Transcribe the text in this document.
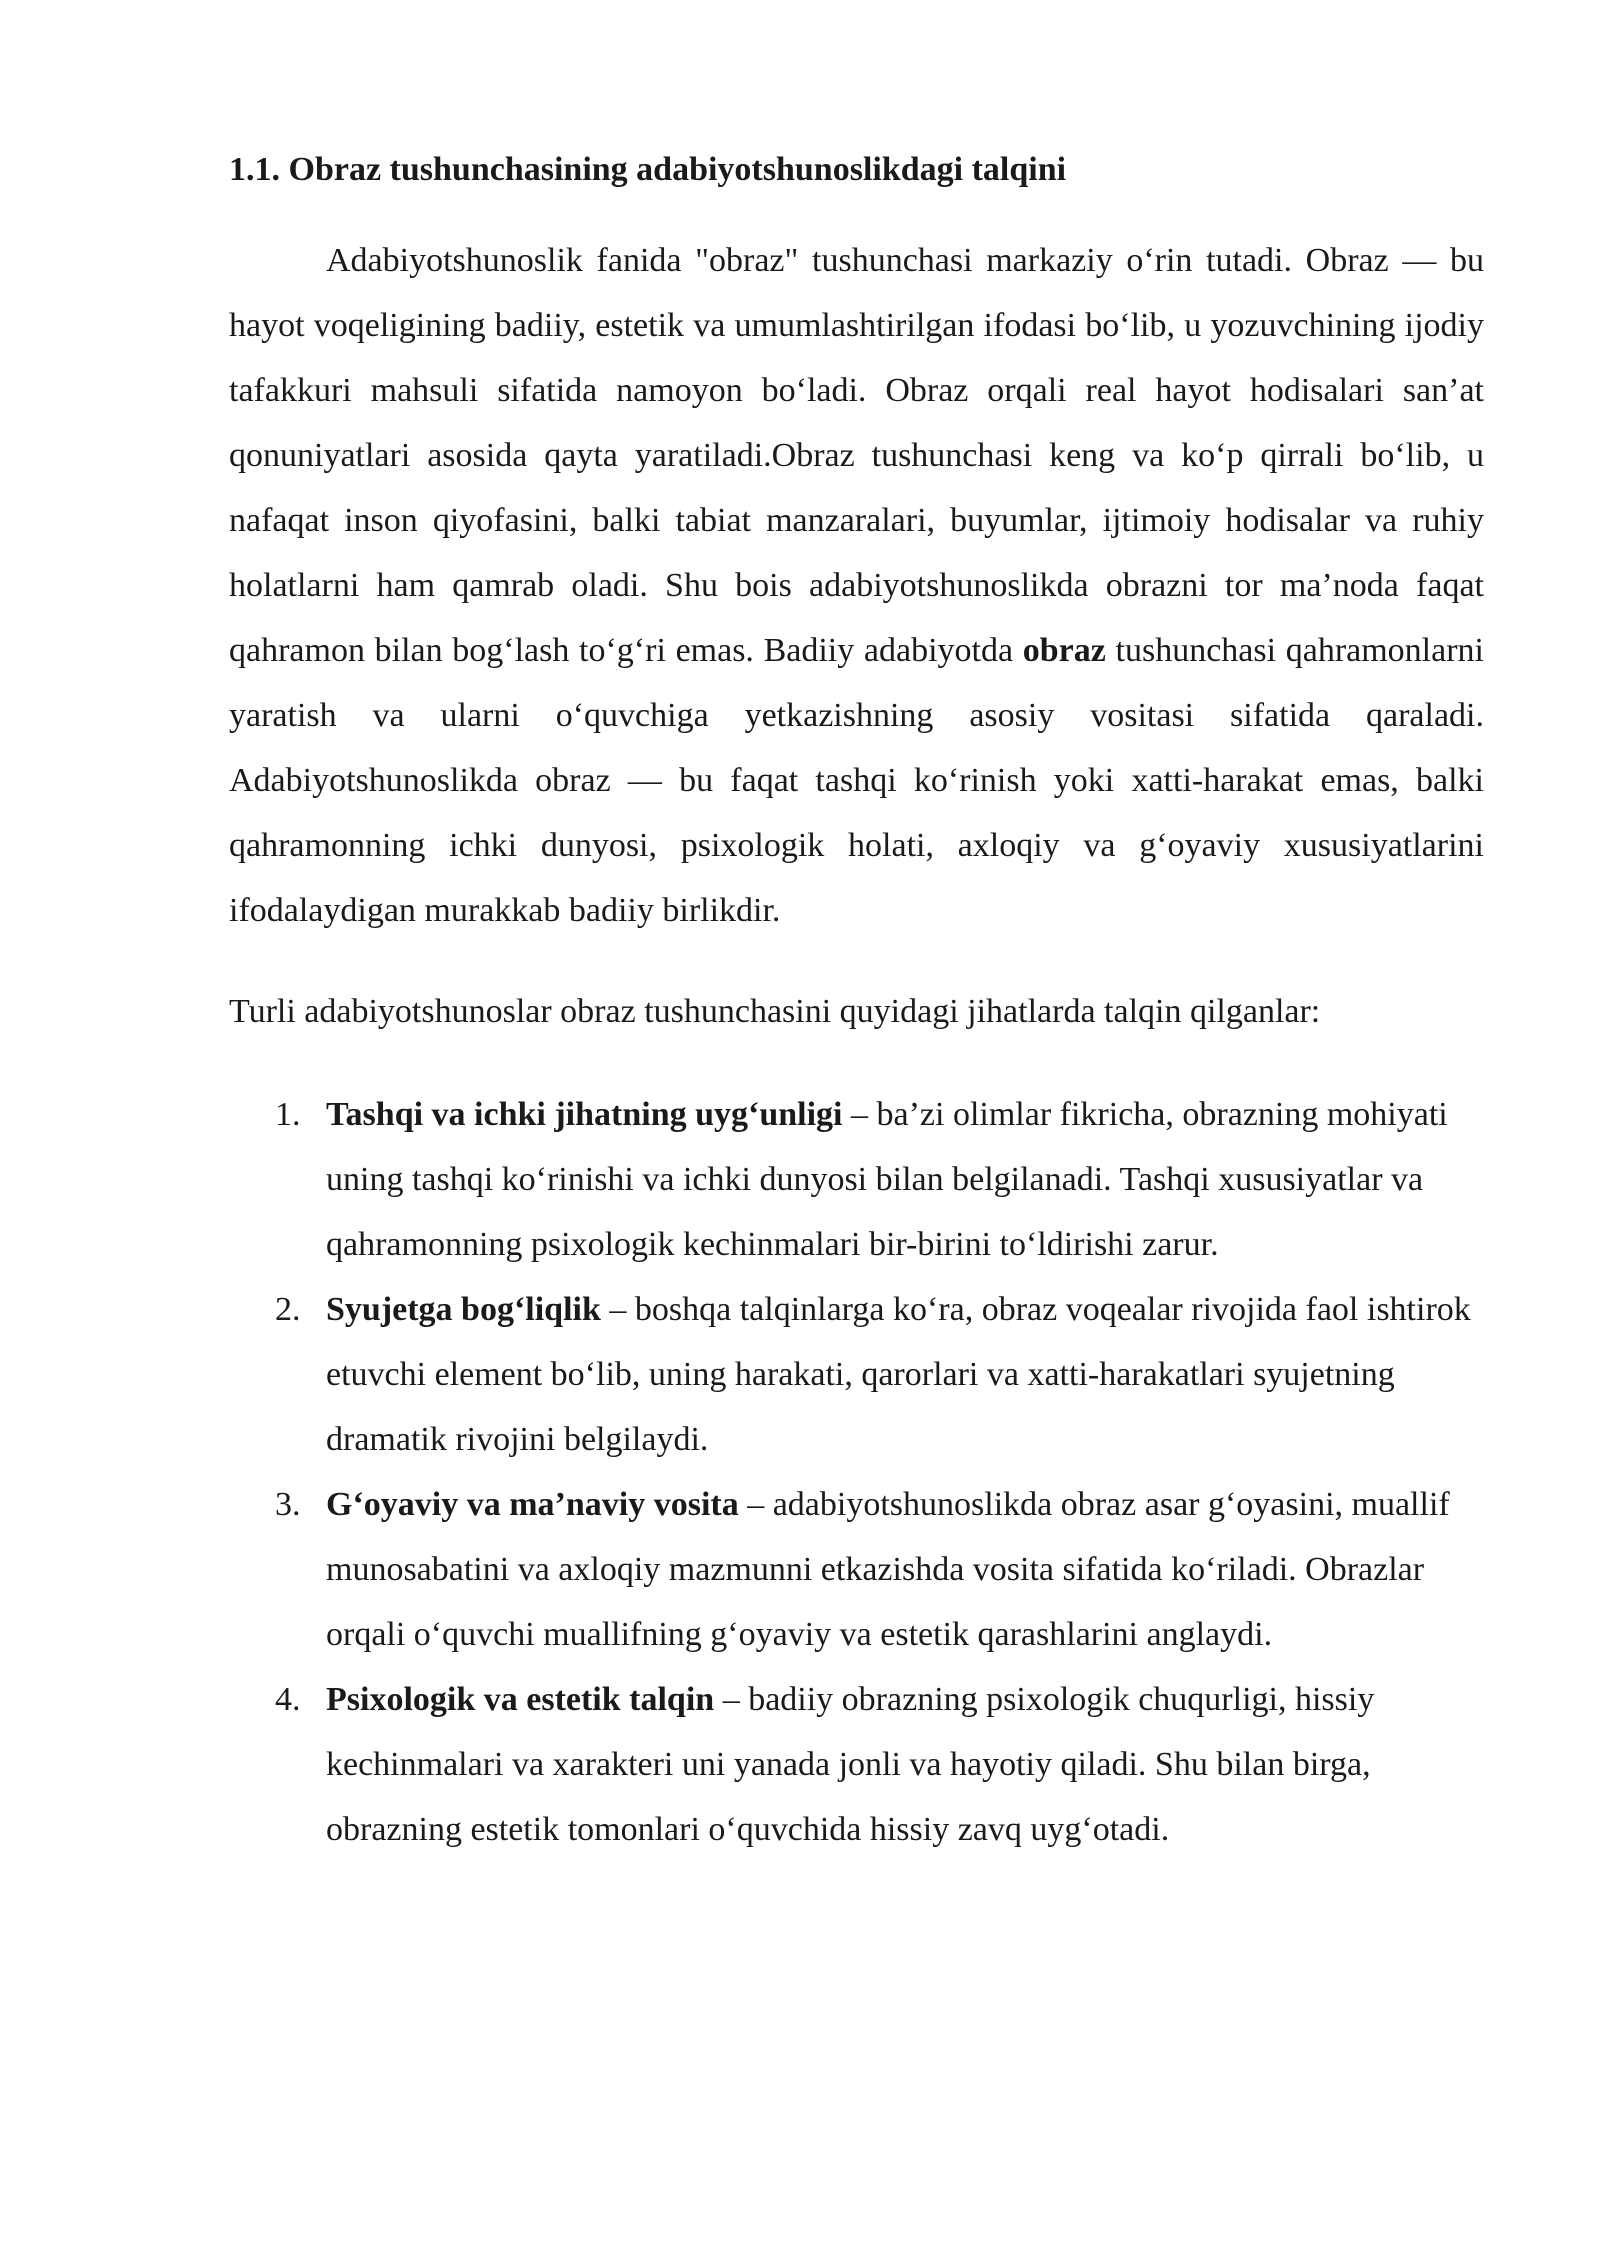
1.1. Obraz tushunchasining adabiyotshunoslikdagi talqini

Adabiyotshunoslik fanida "obraz" tushunchasi markaziy o‘rin tutadi. Obraz — bu hayot voqeligining badiiy, estetik va umumlashtirilgan ifodasi bo‘lib, u yozuvchining ijodiy tafakkuri mahsuli sifatida namoyon bo‘ladi. Obraz orqali real hayot hodisalari san’at qonuniyatlari asosida qayta yaratiladi.Obraz tushunchasi keng va ko‘p qirrali bo‘lib, u nafaqat inson qiyofasini, balki tabiat manzaralari, buyumlar, ijtimoiy hodisalar va ruhiy holatlarni ham qamrab oladi. Shu bois adabiyotshunoslikda obrazni tor ma’noda faqat qahramon bilan bog‘lash to‘g‘ri emas. Badiiy adabiyotda obraz tushunchasi qahramonlarni yaratish va ularni o‘quvchiga yetkazishning asosiy vositasi sifatida qaraladi. Adabiyotshunoslikda obraz — bu faqat tashqi ko‘rinish yoki xatti-harakat emas, balki qahramonning ichki dunyosi, psixologik holati, axloqiy va g‘oyaviy xususiyatlarini ifodalaydigan murakkab badiiy birlikdir.

Turli adabiyotshunoslar obraz tushunchasini quyidagi jihatlarda talqin qilganlar:

1. Tashqi va ichki jihatning uyg‘unligi – ba’zi olimlar fikricha, obrazning mohiyati uning tashqi ko‘rinishi va ichki dunyosi bilan belgilanadi. Tashqi xususiyatlar va qahramonning psixologik kechinmalari bir-birini to‘ldirishi zarur.
2. Syujetga bog‘liqlik – boshqa talqinlarga ko‘ra, obraz voqealar rivojida faol ishtirok etuvchi element bo‘lib, uning harakati, qarorlari va xatti-harakatlari syujetning dramatik rivojini belgilaydi.
3. G‘oyaviy va ma’naviy vosita – adabiyotshunoslikda obraz asar g‘oyasini, muallif munosabatini va axloqiy mazmunni etkazishda vosita sifatida ko‘riladi. Obrazlar orqali o‘quvchi muallifning g‘oyaviy va estetik qarashlarini anglaydi.
4. Psixologik va estetik talqin – badiiy obrazning psixologik chuqurligi, hissiy kechinmalari va xarakteri uni yanada jonli va hayotiy qiladi. Shu bilan birga, obrazning estetik tomonlari o‘quvchida hissiy zavq uyg‘otadi.
